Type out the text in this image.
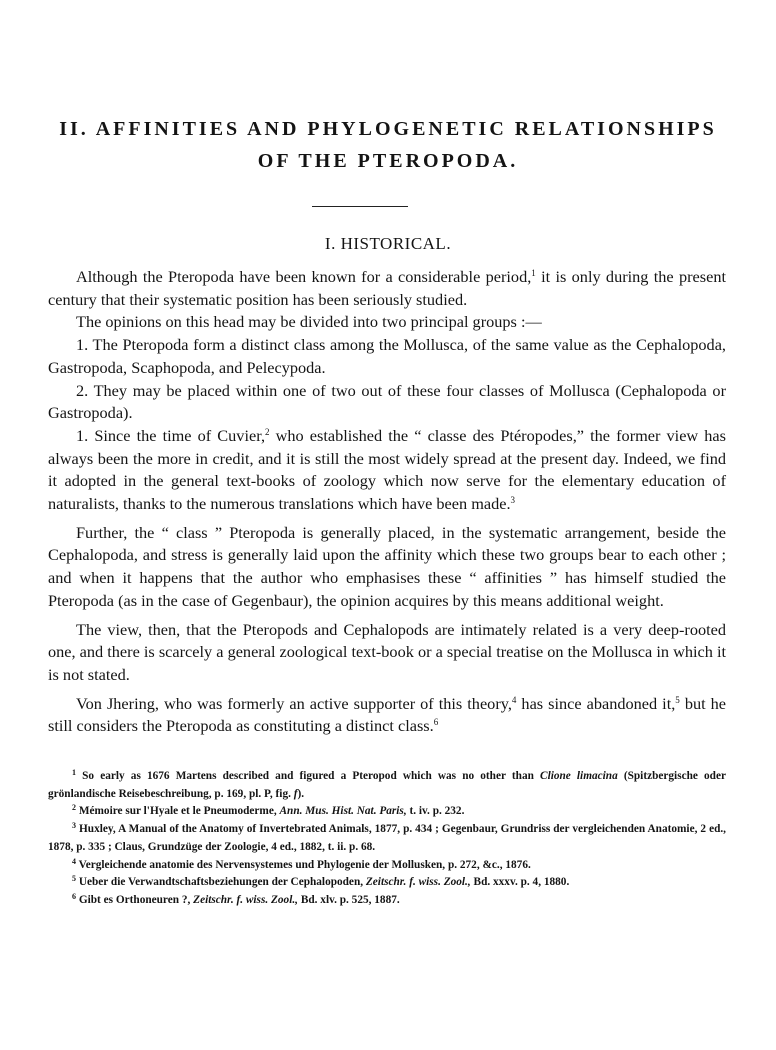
II. AFFINITIES AND PHYLOGENETIC RELATIONSHIPS
OF THE PTEROPODA.
I. HISTORICAL.

Although the Pteropoda have been known for a considerable period,$^1$ it is only during the present century that their systematic position has been seriously studied.

The opinions on this head may be divided into two principal groups :—

1. The Pteropoda form a distinct class among the Mollusca, of the same value as the Cephalopoda, Gastropoda, Scaphopoda, and Pelecypoda.

2. They may be placed within one of two out of these four classes of Mollusca (Cephalopoda or Gastropoda).

1. Since the time of Cuvier,$^2$ who established the “ classe des Ptéropodes,” the former view has always been the more in credit, and it is still the most widely spread at the present day. Indeed, we find it adopted in the general text-books of zoology which now serve for the elementary education of naturalists, thanks to the numerous translations which have been made.$^3$

Further, the “ class ” Pteropoda is generally placed, in the systematic arrangement, beside the Cephalopoda, and stress is generally laid upon the affinity which these two groups bear to each other ; and when it happens that the author who emphasises these “ affinities ” has himself studied the Pteropoda (as in the case of Gegenbaur), the opinion acquires by this means additional weight.

The view, then, that the Pteropods and Cephalopods are intimately related is a very deep-rooted one, and there is scarcely a general zoological text-book or a special treatise on the Mollusca in which it is not stated.

Von Jhering, who was formerly an active supporter of this theory,$^4$ has since abandoned it,$^5$ but he still considers the Pteropoda as constituting a distinct class.$^6$

$^1$ So early as 1676 Martens described and figured a Pteropod which was no other than Clione limacina (Spitzbergische oder grönlandische Reisebeschreibung, p. 169, pl. P, fig. f).

$^2$ Mémoire sur l'Hyale et le Pneumoderme, Ann. Mus. Hist. Nat. Paris, t. iv. p. 232.

$^3$ Huxley, A Manual of the Anatomy of Invertebrated Animals, 1877, p. 434 ; Gegenbaur, Grundriss der vergleichenden Anatomie, 2 ed., 1878, p. 335 ; Claus, Grundzüge der Zoologie, 4 ed., 1882, t. ii. p. 68.

$^4$ Vergleichende anatomie des Nervensystemes und Phylogenie der Mollusken, p. 272, &c., 1876.

$^5$ Ueber die Verwandtschaftsbeziehungen der Cephalopoden, Zeitschr. f. wiss. Zool., Bd. xxxv. p. 4, 1880.

$^6$ Gibt es Orthoneuren ?, Zeitschr. f. wiss. Zool., Bd. xlv. p. 525, 1887.
